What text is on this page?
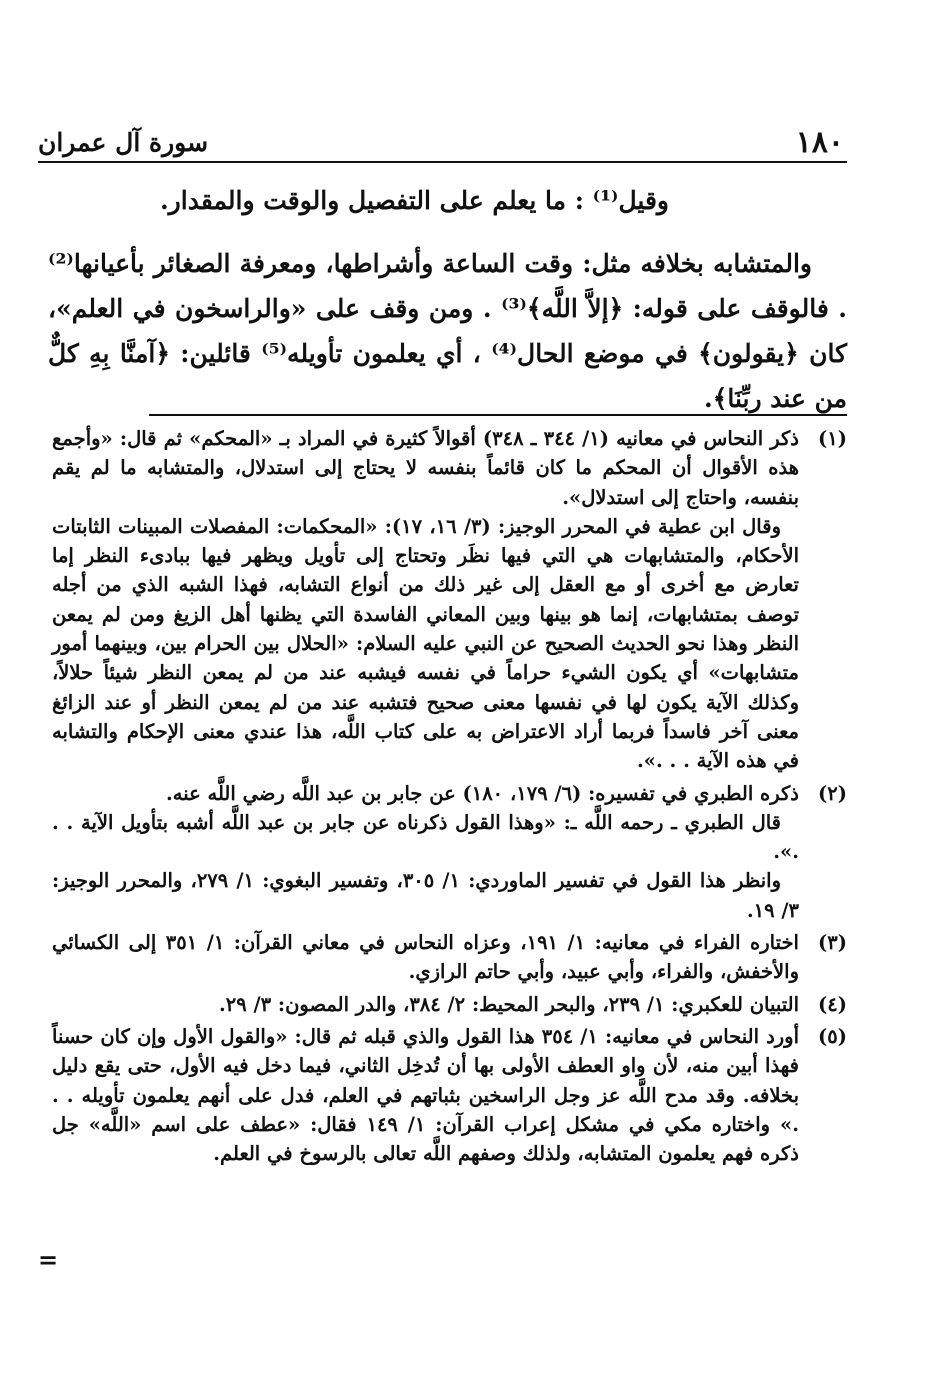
١٨٠
سورة آل عمران

وقيل⁽¹⁾ : ما يعلم على التفصيل والوقت والمقدار.

والمتشابه بخلافه مثل: وقت الساعة وأشراطها، ومعرفة الصغائر بأعيانها⁽²⁾ . فالوقف على قوله: ﴿إلاَّ اللَّه﴾⁽³⁾ . ومن وقف على «والراسخون في العلم»، كان ﴿يقولون﴾ في موضع الحال⁽⁴⁾ ، أي يعلمون تأويله⁽⁵⁾ قائلين: ﴿آمنَّا بِهِ كلٌّ من عند ربِّنَا﴾.

(١)

ذكر النحاس في معانيه (١/ ٣٤٤ ـ ٣٤٨) أقوالاً كثيرة في المراد بـ «المحكم» ثم قال: «وأجمع هذه الأقوال أن المحكم ما كان قائماً بنفسه لا يحتاج إلى استدلال، والمتشابه ما لم يقم بنفسه، واحتاج إلى استدلال».

وقال ابن عطية في المحرر الوجيز: (٣/ ١٦، ١٧): «المحكمات: المفصلات المبينات الثابتات الأحكام، والمتشابهات هي التي فيها نظَر وتحتاج إلى تأويل ويظهر فيها ببادىء النظر إما تعارض مع أخرى أو مع العقل إلى غير ذلك من أنواع التشابه، فهذا الشبه الذي من أجله توصف بمتشابهات، إنما هو بينها وبين المعاني الفاسدة التي يظنها أهل الزيغ ومن لم يمعن النظر وهذا نحو الحديث الصحيح عن النبي عليه السلام: «الحلال بين الحرام بين، وبينهما أمور متشابهات» أي يكون الشيء حراماً في نفسه فيشبه عند من لم يمعن النظر شيئاً حلالاً، وكذلك الآية يكون لها في نفسها معنى صحيح فتشبه عند من لم يمعن النظر أو عند الزائغ معنى آخر فاسداً فربما أراد الاعتراض به على كتاب اللَّه، هذا عندي معنى الإحكام والتشابه في هذه الآية . . .».

(٢)

ذكره الطبري في تفسيره: (٦/ ١٧٩، ١٨٠) عن جابر بن عبد اللَّه رضي اللَّه عنه.

قال الطبري ـ رحمه اللَّه ـ: «وهذا القول ذكرناه عن جابر بن عبد اللَّه أشبه بتأويل الآية . . .».

وانظر هذا القول في تفسير الماوردي: ١/ ٣٠٥، وتفسير البغوي: ١/ ٢٧٩، والمحرر الوجيز: ٣/ ١٩.

(٣)

اختاره الفراء في معانيه: ١/ ١٩١، وعزاه النحاس في معاني القرآن: ١/ ٣٥١ إلى الكسائي والأخفش، والفراء، وأبي عبيد، وأبي حاتم الرازي.

(٤)

التبيان للعكبري: ١/ ٢٣٩، والبحر المحيط: ٢/ ٣٨٤، والدر المصون: ٣/ ٢٩.

(٥)

أورد النحاس في معانيه: ١/ ٣٥٤ هذا القول والذي قبله ثم قال: «والقول الأول وإن كان حسناً فهذا أبين منه، لأن واو العطف الأولى بها أن تُدخِل الثاني، فيما دخل فيه الأول، حتى يقع دليل بخلافه. وقد مدح اللَّه عز وجل الراسخين بثباتهم في العلم، فدل على أنهم يعلمون تأويله . . .» واختاره مكي في مشكل إعراب القرآن: ١/ ١٤٩ فقال: «عطف على اسم «اللَّه» جل ذكره فهم يعلمون المتشابه، ولذلك وصفهم اللَّه تعالى بالرسوخ في العلم.

=
